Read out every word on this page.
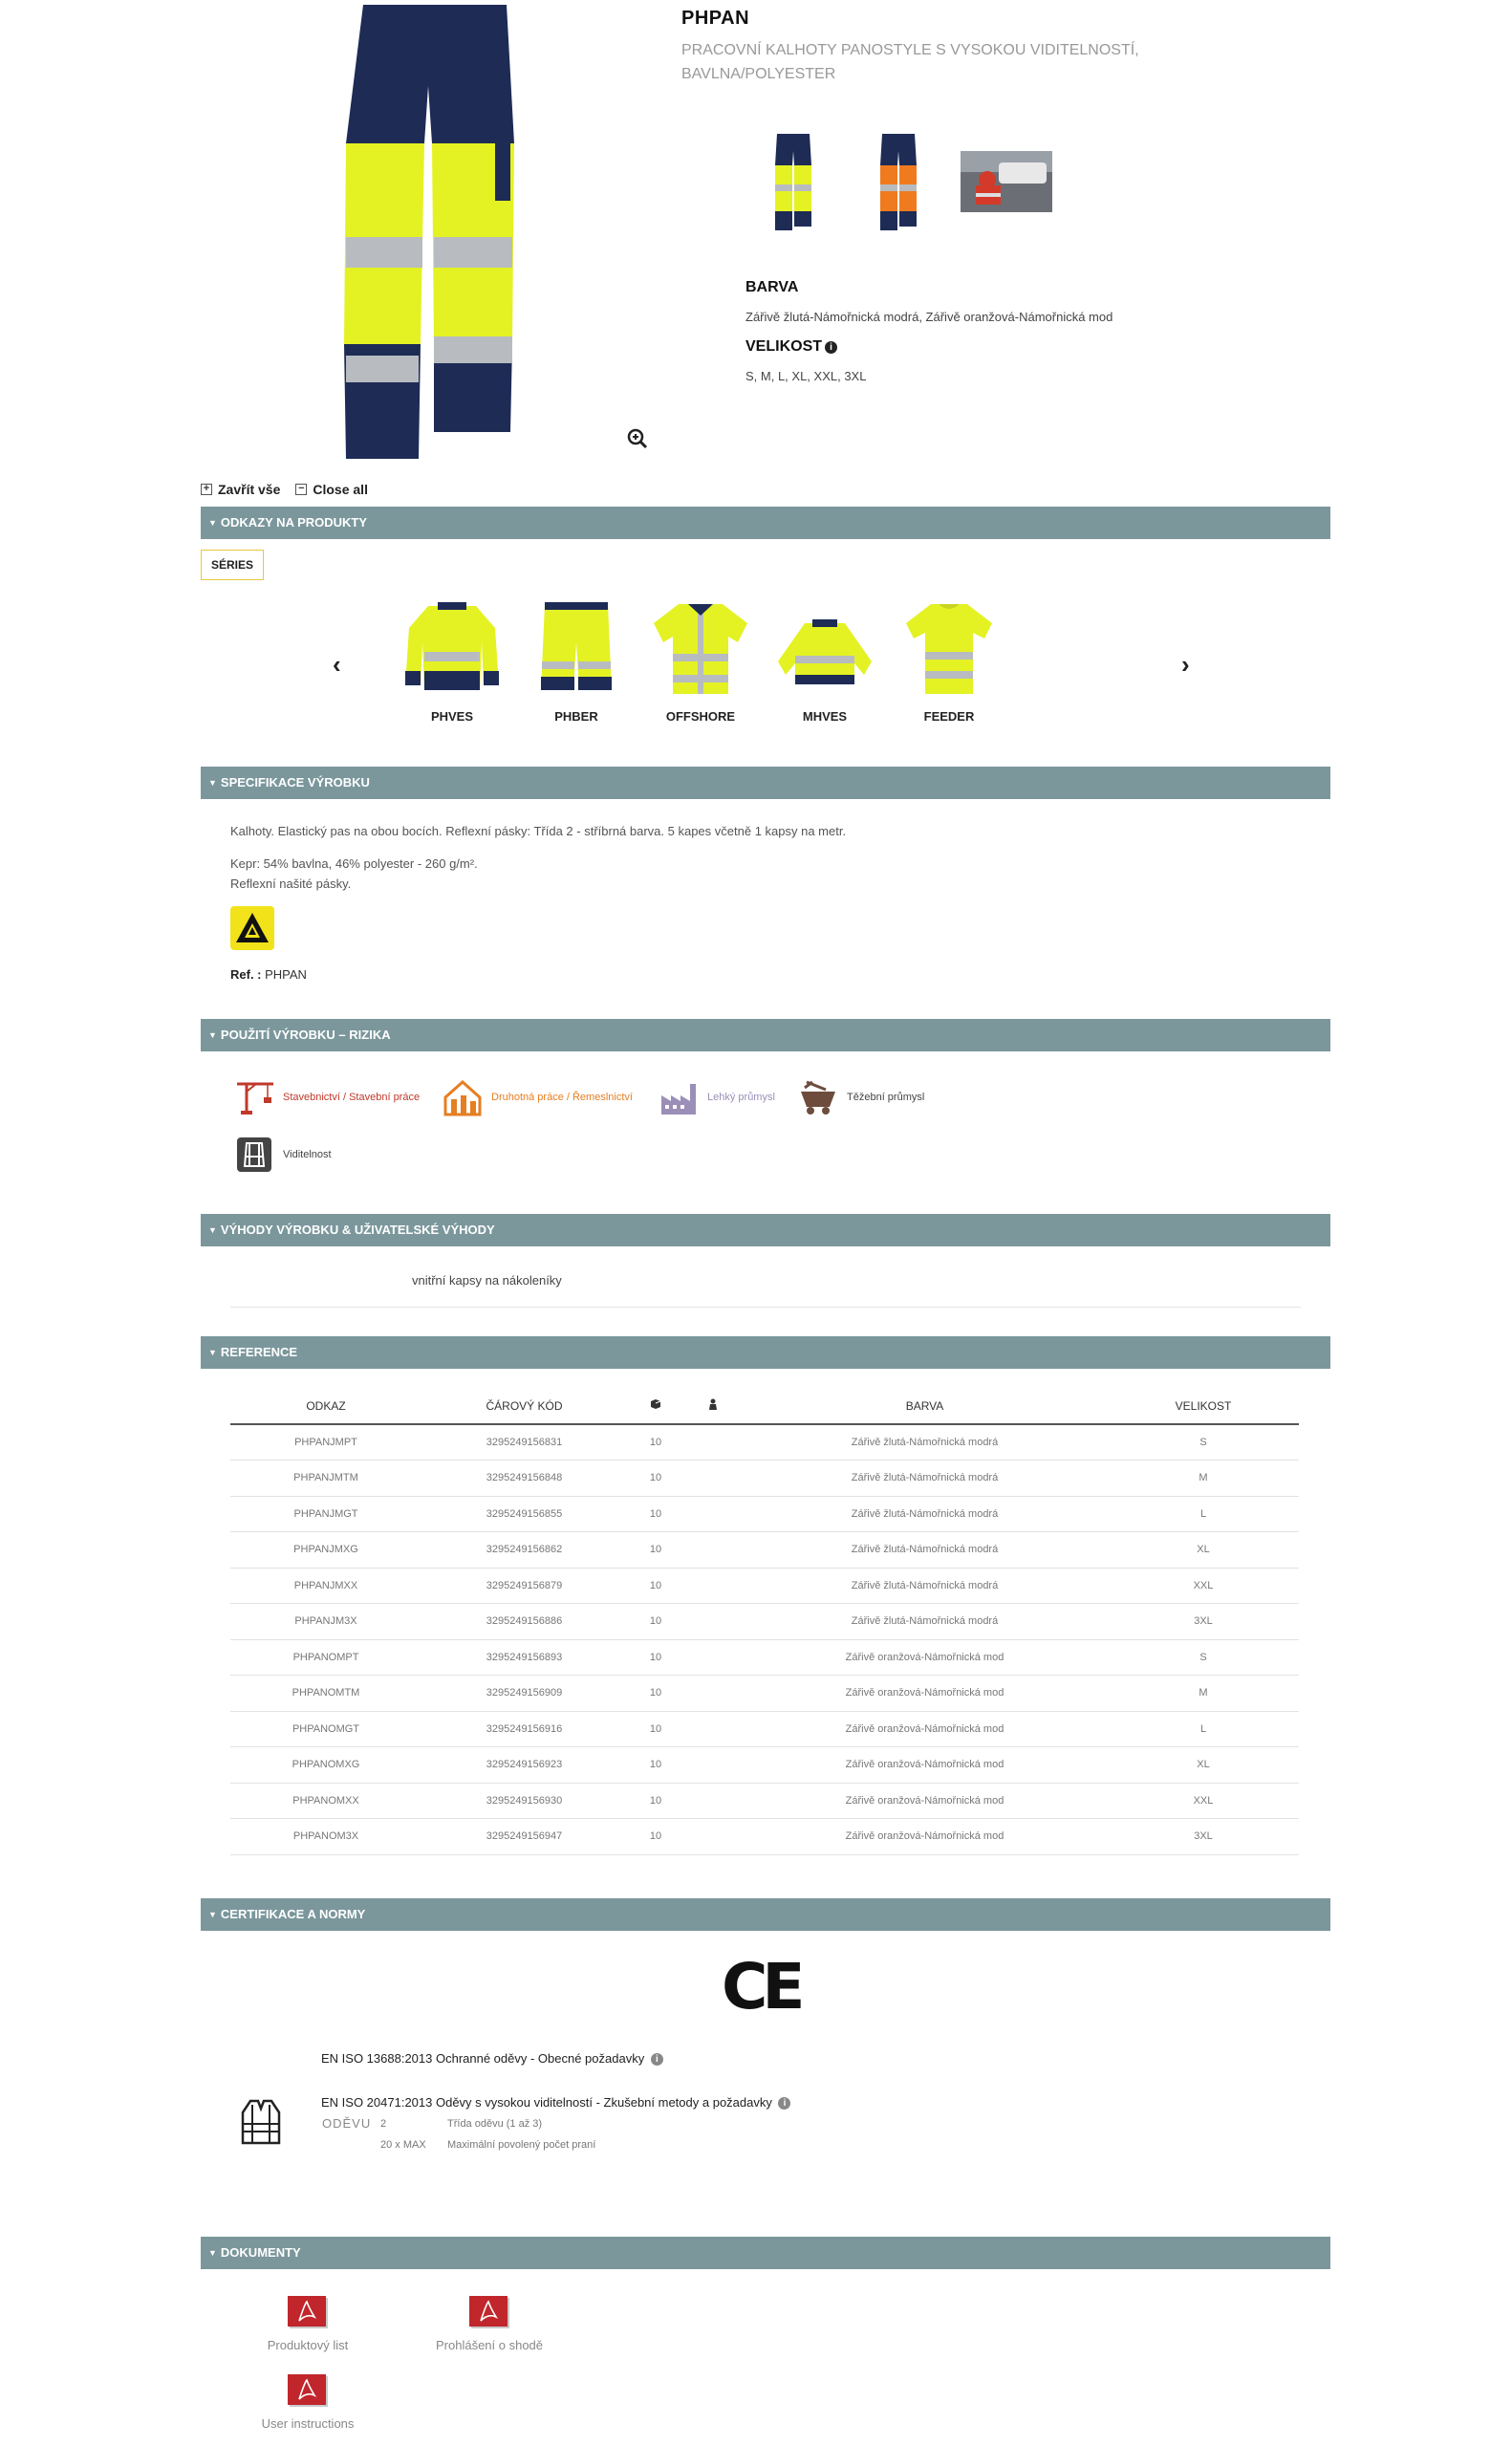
PHPAN
PRACOVNÍ KALHOTY PANOSTYLE S VYSOKOU VIDITELNOSTÍ, BAVLNA/POLYESTER
BARVA
Zářivě žlutá-Námořnická modrá, Zářivě oranžová-Námořnická mod
VELIKOST i
S, M, L, XL, XXL, 3XL
+ Zavřít vše − Close all
▼ ODKAZY NA PRODUKTY
SÉRIES
‹	›
PHVES	PHBER	OFFSHORE	MHVES	FEEDER
▼ SPECIFIKACE VÝROBKU
Kalhoty. Elastický pas na obou bocích. Reflexní pásky: Třída 2 - stříbrná barva. 5 kapes včetně 1 kapsy na metr.
Kepr: 54% bavlna, 46% polyester - 260 g/m².
Reflexní našité pásky.
Ref. : PHPAN
▼ POUŽITÍ VÝROBKU – RIZIKA
Stavebnictví / Stavební práce	Druhotná práce / Řemeslnictví	Lehký průmysl	Těžební průmysl
Viditelnost
▼ VÝHODY VÝROBKU & UŽIVATELSKÉ VÝHODY
vnitřní kapsy na nákoleníky
▼ REFERENCE
ODKAZ	ČÁROVÝ KÓD			BARVA	VELIKOST
PHPANJMPT	3295249156831	10		Zářivě žlutá-Námořnická modrá	S
PHPANJMTM	3295249156848	10		Zářivě žlutá-Námořnická modrá	M
PHPANJMGT	3295249156855	10		Zářivě žlutá-Námořnická modrá	L
PHPANJMXG	3295249156862	10		Zářivě žlutá-Námořnická modrá	XL
PHPANJMXX	3295249156879	10		Zářivě žlutá-Námořnická modrá	XXL
PHPANJM3X	3295249156886	10		Zářivě žlutá-Námořnická modrá	3XL
PHPANOMPT	3295249156893	10		Zářivě oranžová-Námořnická mod	S
PHPANOMTM	3295249156909	10		Zářivě oranžová-Námořnická mod	M
PHPANOMGT	3295249156916	10		Zářivě oranžová-Námořnická mod	L
PHPANOMXG	3295249156923	10		Zářivě oranžová-Námořnická mod	XL
PHPANOMXX	3295249156930	10		Zářivě oranžová-Námořnická mod	XXL
PHPANOM3X	3295249156947	10		Zářivě oranžová-Námořnická mod	3XL
▼ CERTIFIKACE A NORMY
CE
EN ISO 13688:2013 Ochranné oděvy - Obecné požadavky i
EN ISO 20471:2013 Oděvy s vysokou viditelností - Zkušební metody a požadavky i
ODĚVU 2	Třída oděvu (1 až 3)
20 x MAX Maximální povolený počet praní
▼ DOKUMENTY
Produktový list	Prohlášení o shodě
User instructions
